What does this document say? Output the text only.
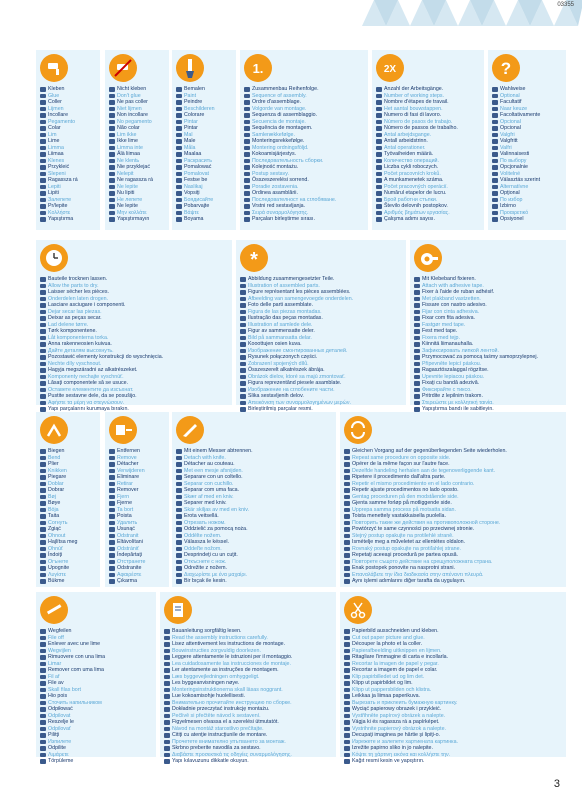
03355
3
Kleben
Glue
Coller
Lijmen
Incollare
Pegamento
Colar
Lim
Lime
Limma
Liimaa
Klenes
Przykleić
Slepeni
Ragasszа rá
Lepiti
Lipiti
Залепете
Pr/lepite
Κολλήστε
Yapıştırma
Nicht kleben
Don't glue
Ne pas coller
Niet lijmen
Non incollare
No pegamento
Não colar
Lim ikke
Ikke lime
Limma inte
Älä liimaa
Ne klentь
Nie przyklejać
Nelepit
Ne ragasszа rá
Ne lepite
Nu lipiti
Не лепете
Ne lepite
Μην κολλάτε
Yapıştırmayın
Bemalen
Paint
Peindre
Beschilderen
Colorare
Pintar
Pintar
Mal
Male
Måla
Maalaa
Раскрасить
Pomalować
Pomalovat
Festse be
Naslikaj
Vopsiţi
Боядисайте
Pobarvajte
Βάψτε
Boyama
1.
Zusammenbau Reihenfolge.
Sequence of assembly.
Ordre d'assemblage.
Volgorde van montage.
Sequenza di assemblaggio.
Secuencia de montaje.
Sequência de montagem.
Samlerækkefølge.
Monteringsrekkefølge.
Montering ordningsföljd.
Kokoamisjärjestys.
Последовательность сборки.
Kolejność montażu.
Postup sestavy.
Összeszerelési sorrend.
Poradie zostavenia.
Ordinea asamblării.
Последователност на сглобяване.
Vrstni red sestavljanja.
Σειρά συναρμολόγησης.
Parçaları birleştirme sırası.
2X
Anzahl der Arbeitsgänge.
Number of working steps.
Nombre d'étapes de travail.
Het aantal bouwstappen.
Numero di fasi di lavoro.
Número de pasos de trabajo.
Número de passos de trabalho.
Antal arbejdsgange.
Antall arbeidstrinn.
Antal operationer.
Työvaiheiden määrä.
Количество операций.
Liczba cykli roboczych.
Počet pracovních kroků.
A munkamenetek száma.
Počet pracovných operácií.
Numărul etapelor de lucru.
Брой работни стъпки.
Število delovnih postopkov.
Αριθμός βημάτων εργασίας.
Çalışma adımı sayısı.
?
Wahlweise
Optional
Facultatif
Naar keuze
Facoltativamente
Opcional
Opcional
Valgfri
Valgfritt
Valfri
Valinnaisesti
По выбору
Opcjonalnie
Volitelné
Választás szerint
Alternatívne
Opţional
По избор
Izbirno
Προαιρετικό
Opsiyonel
Bauteile trocknen lassen.
Allow the parts to dry.
Laisser sécher les pièces.
Onderdelen laten drogen.
Lasciare asciugare i componenti.
Dejar secar las piezas.
Deixar as peças secar.
Lad delene tørre.
Tørk komponentene.
Låt komponenterna torka.
Anna rakenneosien kuivua.
Дайте деталям высохнуть.
Pozostawić elementy konstrukcji do wyschnięcia.
Nechte díly vyschnout.
Hagyja megszáradni az alkatrészeket.
Komponenty nechajte vyschnúť.
Lăsaţi componentele să se usuce.
Оставете елементите да изсъхнат.
Pustite sestavne dele, da se posušijo.
Αφήστε τα μέρη να στεγνώσουν.
Yapı parçalarını kurumaya bırakın.
*
Abbildung zusammengesetzter Teile.
Illustration of assembled parts.
Figure représentant les pièces assemblées.
Afbeelding van samengevoegde onderdelen.
Foto delle parti assemblate.
Figura de las piezas montadas.
Ilustração das peças montadas.
Illustration af samlede dele.
Figur av sammensatte deler.
Bild på sammansatta delar.
Kooottujen osien kuva.
Изображение смонтированных деталей.
Rysunek połączonych części.
Zobrazení spojených dílů.
Összeszerelt alkatrészek ábrája.
Obrázok dielov, ktoré sa majú zmontovať.
Figura reprezentând piesele asamblate.
Изображение на сглобените части.
Slika sestavljenih delov.
Απεικόνιση των συναρμολογημένων μερών.
Birleştirilmiş parçalar resmi.
Mit Klebeband fixieren.
Attach with adhesive tape.
Fixer à l'aide de ruban adhésif.
Met plakband vastzetten.
Fissare con nastro adesivo.
Fijar con cinta adhesiva.
Fixar com fita adesiva.
Fastgør med tape.
Fest med tape.
Fixera med tejp.
Kiinnitä liimanauhalla.
Зафиксировать липкой лентой.
Przymocować za pomocą taśmy samoprzylepnej.
Připevněte lepicí páskou.
Ragasztószalaggal rögzítse.
Upevnite lepiacou páskou.
Fixaţi cu bandă adezivă.
Фиксирайте с тиксо.
Pritrdite z lepilnim trakom.
Στερεώστε με κολλητική ταινία.
Yapıştırma bandı ile sabitleyin.
Biegen
Bend
Plier
Knikken
Piegare
Doblar
Dobrar
Bøj
Bøye
Böja
Taita
Согнуть
Zgiąć
Ohnout
Hajlítsa meg
Ohnúť
Îndoiţi
Огънете
Upognite
Λυγίστε
Bükme
Entfernen
Remove
Détacher
Verwijderen
Eliminare
Retirar
Remover
Fjern
Fjerne
Ta bort
Poista
Удалить
Usunąć
Odstranit
Eltávolítani
Odstrániť
Îndepărtaţi
Отстранете
Odstranite
Αφαιρέστε
Çıkarma
Mit einem Messer abtrennen.
Detach with knife.
Détacher au couteau.
Met een mesje afsnijden.
Separare con un coltello.
Separar con cuchillo.
Separar com uma faca.
Skær af med en kniv.
Separer med kniv.
Skär skiljas av med en kniv.
Erota veitsellä.
Отрезать ножом.
Oddzielić za pomocą noża.
Oddělte nožem.
Válassza le késsel.
Oddeľte nožom.
Desprindeţi cu un cuţit.
Откъснете с нож.
Odrežite z nožem.
Διαχωρίστε με ένα μαχαίρι.
Bir bıçak ile kesin.
Gleichen Vorgang auf der gegenüberliegenden Seite wiederholen.
Repeat same procedure on opposite side.
Opérer de la même façon sur l'autre face.
Dezelfde handeling herhalen aan de tegenoverliggende kant.
Ripetere il procedimento dall'altra parte.
Repetir el mismo procedimiento en el lado contrario.
Repetir ajuste procedimentos no lado oposto.
Gentag proceduren på den modstående side.
Gjenta samme forløp på motliggende side.
Upprepa samma process på motsatta sidan.
Toista menettely vastakkaisella puolella.
Повторить такие же действия на противоположной стороне.
Powtórzyć te same czynności po przeciwnej stronie.
Stejný postup opakujte na protilehlé straně.
Ismételje meg a műveletet az ellentétes oldalon.
Rovnaký postup opakujte na protiľahlej strane.
Repetaţi aceeaşi procedură pe partea opusă.
Повторете същото действие на срещуположната страна.
Enak postopek ponovite na nasprotni strani.
Επαναλάβετε την ίδια διαδικασία στην απέναντι πλευρά.
Aynı işlemi adımlarını diğer tarafta da uygulayın.
Wegfeilen
File off
Enlever avec une lime
Wegvijlen
Rimuovere con una lima
Limar
Remover com uma lima
Fil af
File av
Skall filas bort
Hio pois
Сточить напильником
Odpiłować
Odpilovat
Reszelje le
Odpilovať
Pilitţi
Изпилете
Odpilite
Λιμάρετε
Törpüleme
Bauanleitung sorgfältig lesen.
Read the assembly instructions carefully.
Lisez attentivement les instructions de montage.
Bouwinstructies zorgvuldig doorlezen.
Leggere attentamente le istruzioni per il montaggio.
Lea cuidadosamente las instrucciones de montaje.
Ler atentamente as instruções de montagem.
Læs byggevejledningen omhyggeligt.
Les byggeanvisningen nøye.
Monteringsinstruktionerna skall läsas noggrant.
Lue kokoamisohje huolellisesti.
Внимательно прочитайте инструкцию по сборке.
Dokładnie przeczytać instrukcję montażu.
Pečlivě si přečtěte návod k sestavení.
Figyelmesen olvassa el a szerelési útmutatót.
Návod na montáž starostlivo prečítajte.
Citiţi cu atenţie instrucţiunile de montare.
Прочетете внимателно упътването за монтаж.
Skrbno preberite navodila za sestavo.
Διαβάστε προσεκτικά τις οδηγίες συναρμολόγησης.
Yapı kılavuzunu dikkatle okuyun.
Papierbild ausschneiden und kleben.
Cut out paper picture and glue.
Découper la photo et la coller.
Papierafbeelding uitknippen en lijmen.
Ritagliare l'immagine di carta e incollarla.
Recortar la imagen de papel y pegar.
Recortar a imagem de papel e colar.
Klip papirbilledet ud og lim det.
Klipp ut papirbildet og lim.
Klipp ut pappersbilden och klistra.
Leikkaa ja liimaa paperikuva.
Вырезать и приклеить бумажную картинку.
Wyciąć papierowy obrazek i przykleić.
Vystřihněte papírový obrázek a nalepte.
Vágja ki és ragassza rá a papírképet.
Vystrihnite papierový obrázok a nalepte.
Decupaţi imaginea pe hârtie şi lipiţi-o.
Изрежете и залепете хартиената картинка.
Izrežite papirno sliko in jo nalepite.
Κόψτε τη χάρτινη εικόνα και κολλήστε την.
Kağıt resmi kesin ve yapıştırın.
